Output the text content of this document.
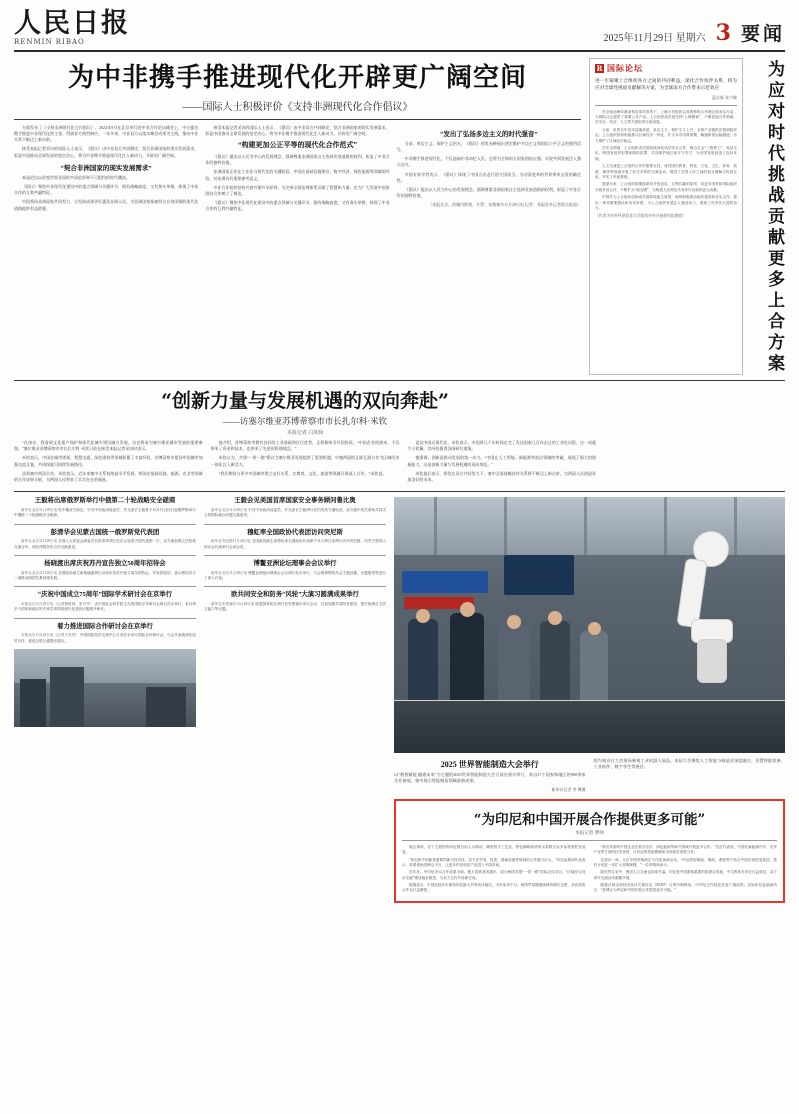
人民日报
RENMIN RIBAO	2025年11月29日 星期六 3 要闻
为中非携手推进现代化开辟更广阔空间
——国际人士积极评价《支持非洲现代化合作倡议》

方面发布了《支持非洲现代化合作倡议》。2024年9月在北京举行的中非合作论坛峰会上，中方提出携手推进中非现代化的主张，得到非方热烈响应。一年多来，中非双方以落实峰会成果为主线，推动中非关系不断迈上新台阶。

接受本报记者采访的国际人士表示，《倡议》由中非双方共同制定，契合非洲国家的现实发展需求，彰显中国推动全球发展的坚定决心，将为中非携手推进现代化注入新动力、开辟更广阔空间。

“契合非洲国家的现实发展需求”

本届论坛以改变世界各国的共同追求和不可阻挡的时代潮流。

《倡议》聚焦中非现代化建设中的重点领域与关键环节，既有战略高度，又有务实举措，体现了中非合作的互利共赢特征。

中国将同非洲国家共同努力，让发展成果更好惠及非洲人民，为非洲国家探索符合自身国情的现代化道路提供有益借鉴。

接受本报记者采访的国际人士表示，《倡议》由中非双方共同制定，契合非洲国家的现实发展需求，彰显中国推动全球发展的坚定决心，将为中非携手推进现代化注入新动力、开辟更广阔空间。

“构建更加公正平等的现代化合作范式”

《倡议》提出以人民为中心的发展理念，强调尊重非洲国家自主选择发展道路的权利，彰显了中非合作的独特价值。

非洲国家正处在工业化与现代化的关键阶段，中国在基础设施建设、数字经济、绿色能源等领域的经验，对非洲具有重要参考意义。

中非合作始终坚持共商共建共享原则，为完善全球治理体系贡献了智慧和力量，也为广大发展中国家团结合作树立了典范。

《倡议》聚焦中非现代化建设中的重点领域与关键环节，既有战略高度，又有务实举措，体现了中非合作的互利共赢特征。

“发出了弘扬多边主义的时代强音”

当前，单边主义、保护主义抬头，《倡议》的发布释放出坚定维护多边主义和国际公平正义的强烈信号。

中非携手推进现代化，不仅造福中非29亿人民，也将为全球南方国家团结自强、实现共同发展注入强大动力。

多国专家学者表示，《倡议》体现了中国言出必行的大国担当，为动荡变革的世界带来宝贵的确定性。

《倡议》提出以人民为中心的发展理念，强调尊重非洲国家自主选择发展道路的权利，彰显了中非合作的独特价值。

（本报北京、约翰内斯堡、开罗、布鲁塞尔11月28日电 记者：本报驻外记者联合报道）
R 国际论坛
进一步凝聚上合组织各方之间的共同利益，深化合作伙伴关系，将为应对全球性挑战贡献解决方案、为全球南方合作带来示范效应
蓝庆新 张少峰

在全球治理体系深刻变革的背景下，上海合作组织以其独特的合作理念和务实行动，为国际社会提供了重要公共产品。上合组织成员国坚持“上海精神”，不断拓展合作领域，在安全、经济、人文等方面取得丰硕成果。

当前，世界百年变局加速演进，单边主义、保护主义上升，全球产业链供应链面临冲击。上合组织国家积极推动区域经济一体化，扩大本币结算规模，畅通跨境运输通道，有力维护了区域经济稳定。

在安全领域，上合组织成员国持续深化执法安全合作，联合打击“三股势力”、毒品走私、跨国有组织犯罪和网络犯罪，共同维护地区和平与安宁，为各国发展创造了良好环境。

人文交流是上合组织合作的重要支柱。成员国在教育、科技、文化、卫生、体育、旅游、媒体等领域开展了形式多样的交流活动，增进了各国人民之间的相互理解与传统友谊，夯实了民意基础。

展望未来，上合组织将继续秉持开放包容、互利共赢的原则，同更多国家和国际组织开展对话合作，不断扩大“朋友圈”，为构建人类命运共同体作出新的更大贡献。

中国作为上合组织创始成员国和轮值主席国，始终积极推动组织建设和务实合作，提出一系列重要倡议和务实举措，为上合组织发展注入强劲动力，展现了负责任大国的担当。

（作者为对外经济贸易大学国家对外开放研究院教授）	为应对时代挑战贡献更多上合方案
“创新力量与发展机遇的双向奔赴”
——访塞尔维亚苏博蒂察市市长扎尔科·米钦
本报记者 白凤仙

“在南京，我看到文化遗产保护和现代化城市建设融合发展，这也将成为塞尔维亚城市发展的重要参照。”塞尔维亚苏博蒂察市市长扎尔科·米钦日前在接受本报记者采访时表示。

米钦表示，中国在城市规划、智慧交通、绿色建筑等领域积累了丰富经验，苏博蒂察市愿同中国城市加强交流互鉴，共同探索可持续发展路径。

谈到塞中两国合作，米钦表示，近年来塞中关系持续高水平发展，两国在基础设施、能源、农业等领域的合作成果丰硕，为两国人民带来了实实在在的福祉。

他介绍，苏博蒂察市拥有良好的工业基础和区位优势，正积极吸引外国投资。“中国企业的到来，不仅带来了资金和技术，也带来了先进的管理理念。”

米钦认为，共建“一带一路”倡议为塞尔维亚发展提供了重要机遇，中塞两国的互联互通合作为区域经济一体化注入新活力。

“我们期待与更多中国城市建立友好关系，在教育、文化、旅游等领域开展深入合作。”米钦说。

谈及中国式现代化，米钦表示，中国用几十年时间走完了发达国家几百年走过的工业化历程，这一成就令人钦佩，其经验值得各国研究借鉴。

他强调，创新是推动发展的第一动力。“中国在人工智能、新能源等前沿领域的突破，展现了强大的创新能力，这是创新力量与发展机遇的双向奔赴。”

米钦最后表示，相信在双方共同努力下，塞中全面战略伙伴关系将不断迈上新台阶，为两国人民创造更加美好的未来。

王毅将出席俄罗斯举行中俄第二十轮战略安全磋商

新华社北京11月28日电 经中俄双方商定，中共中央政治局委员、外交部长王毅将于12月1日至2日赴俄罗斯举行中俄第二十轮战略安全磋商。

彭清华会见蒙古国统一俄罗斯党代表团

新华社北京11月28日电 全国人大常委会副委员长彭清华28日在京会见蒙古国代表团一行，双方就加强立法机构交流合作、深化两国务实合作交换意见。

杨晓渡出席庆祝苏丹宣告独立50周年招待会

新华社北京11月28日电 全国政协副主席杨晓渡28日出席庆祝苏丹独立周年招待会，并致辞祝贺，表示愿同苏方一道推动两国关系持续发展。

“庆祝中国成立75周年”国际学术研讨会在京举行

本报北京11月28日电（记者曹树林、张丹华） 由中国社会科学院主办的国际学术研讨会28日在京举行，来自20多个国家和地区的专家学者围绕现代化建设议题展开研讨。

着力推进国际合作研讨会在京举行

本报北京11月28日电（记者王昊男） 中国国际经济交流中心日前在京举办国际合作研讨会，与会代表就深化经贸合作、促进互联互通提出建议。

王毅会见美国首席国家安全事务顾问鲁比奥

新华社北京11月28日电 中共中央政治局委员、外交部长王毅28日应约同美方通电话，双方就中美关系和共同关心的国际地区问题交换意见。

穆虹率全国政协代表团访问突尼斯

新华社突尼斯11月28日电 全国政协副主席穆虹率全国政协代表团于11月26日至28日访问突尼斯，同突方领导人和议会代表举行会谈会见。

博鳌亚洲论坛理事会会议举行

新华社北京11月28日电 博鳌亚洲论坛理事会会议28日在京举行，与会理事围绕年会主题设置、议题策划等进行了深入讨论。

欧共同安全和防务“风轮”大演习圆满成果举行

新华社布鲁塞尔11月28日电 欧盟国家防长28日在布鲁塞尔举行会议，讨论加强共同防务建设、提升欧洲自主防卫能力等议题。

2025 世界智能制造大会举行
以“数智赋能 融通未来”为主题的2025世界智能制造大会日前在南京举行，来自27个国家和地区的900余家企业参展，集中展示智能制造领域最新成果。
新华社记者 李 博摄
图为观众在大会现场参观工业机器人展品。本届大会聚焦人工智能与制造业深度融合，设置智能装备、工业软件、数字孪生等展区。
“为印尼和中国开展合作提供更多可能”
本报记者 曹师

展会现场，位于主展馆的印尼展台前人头攒动，精美的手工艺品、特色咖啡和热带水果吸引众多参观者驻足品鉴。

“印尼和中国都是重要的新兴经济体，双方在贸易、投资、基础设施等领域的合作潜力巨大。”印尼参展商代表表示，希望借助进博会平台，让更多印尼优质产品进入中国市场。

近年来，中印尼务实合作成果丰硕。雅万高铁建成通车，成为两国共建“一带一路”的标志性项目；“区域综合经济走廊”建设稳步推进，为双方合作开辟新空间。

数据显示，中国连续多年保持印尼最大贸易伙伴地位。今年前10个月，两国贸易额继续保持增长态势，双向投资合作也日益紧密。

“我们希望同中国企业在数字经济、绿色能源等新兴领域开展更多合作。”这位代表说，中国在新能源汽车、光伏产业等方面的技术优势，与印尼的资源禀赋和市场需求高度互补。

在展台一角，几位中国采购商正与印尼客商洽谈。“印尼的棕榈油、橡胶、燕窝等产品在中国市场很受欢迎，我们计划进一步扩大采购规模。”一位采购商表示。

除经贸往来外，两国人文交流也持续升温。印尼是中国游客重要的旅游目的地，中文教育在印尼日益普及，双方青年交流活动频繁开展。

随着区域全面经济伙伴关系协定（RCEP）红利不断释放，中印尼合作将迎来更广阔前景。正如印尼参展商所言：“进博会为印尼和中国开展合作提供更多可能。”
